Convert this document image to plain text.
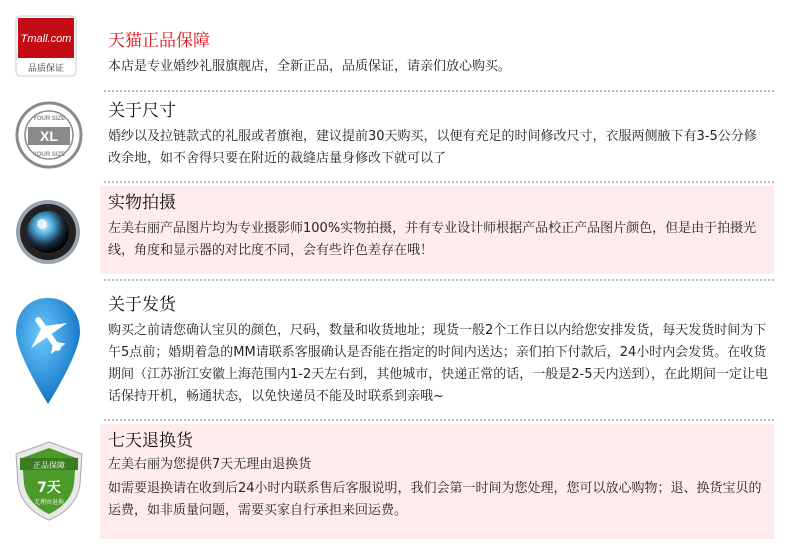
Tmall.com
品质保证
天猫正品保障
本店是专业婚纱礼服旗舰店，全新正品，品质保证，请亲们放心购买。
XL
YOUR SIZE
YOUR SIZE
关于尺寸
婚纱以及拉链款式的礼服或者旗袍，建议提前30天购买，以便有充足的时间修改尺寸，衣服两侧腋下有3-5公分修改余地，如不舍得只要在附近的裁缝店量身修改下就可以了
实物拍摄
左美右丽产品图片均为专业摄影师100%实物拍摄，并有专业设计师根据产品校正产品图片颜色，但是由于拍摄光线，角度和显示器的对比度不同，会有些许色差存在哦！
关于发货
购买之前请您确认宝贝的颜色，尺码，数量和收货地址；现货一般2个工作日以内给您安排发货，每天发货时间为下午5点前；婚期着急的MM请联系客服确认是否能在指定的时间内送达；亲们拍下付款后，24小时内会发货。在收货期间（江苏浙江安徽上海范围内1-2天左右到，其他城市，快递正常的话，一般是2-5天内送到），在此期间一定让电话保持开机，畅通状态，以免快递员不能及时联系到亲哦~
正品保障
7天
无理由退换
七天退换货
左美右丽为您提供7天无理由退换货
如需要退换请在收到后24小时内联系售后客服说明，我们会第一时间为您处理，您可以放心购物；退、换货宝贝的运费，如非质量问题，需要买家自行承担来回运费。
